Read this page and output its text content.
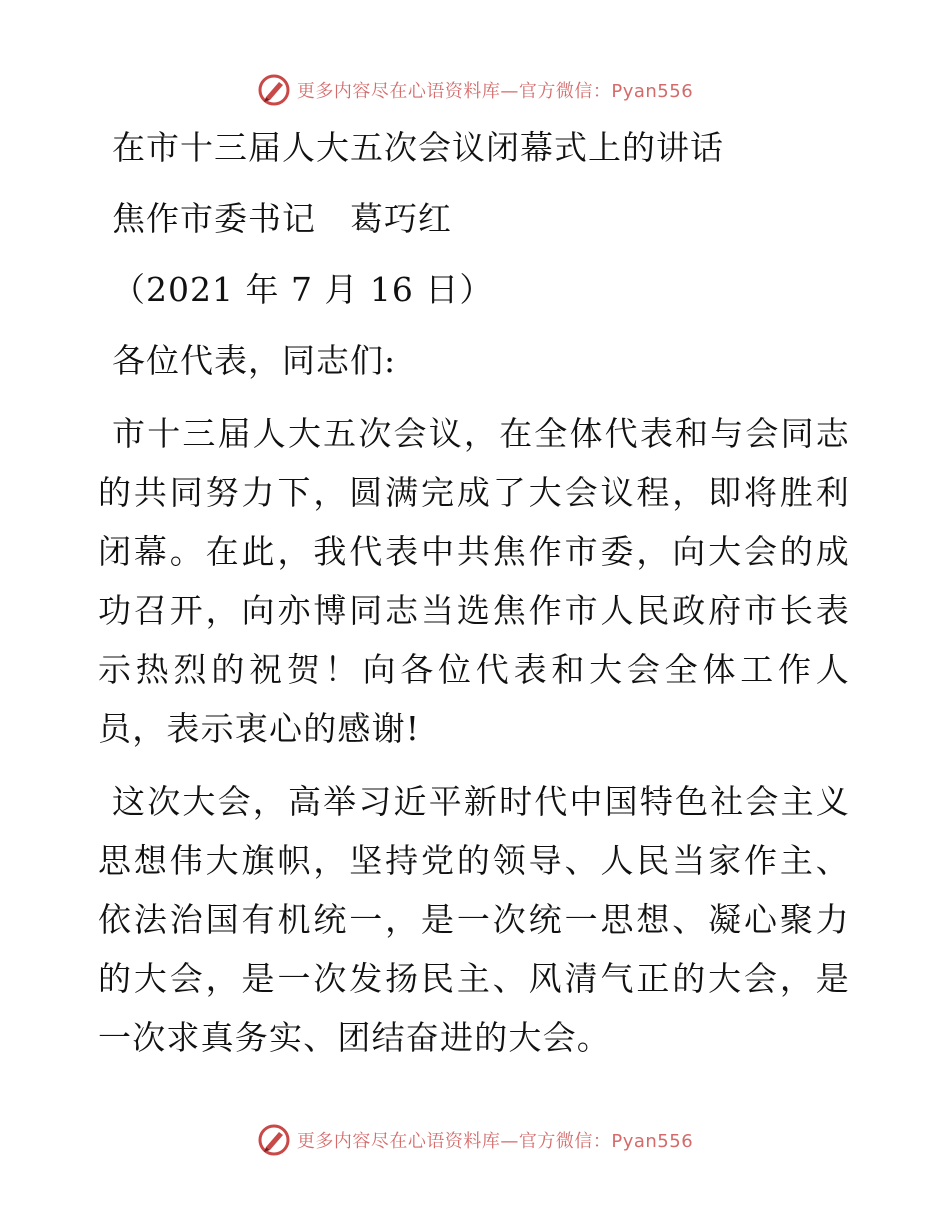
更多内容尽在心语资料库—官方微信：Pyan556
在市十三届人大五次会议闭幕式上的讲话
焦作市委书记　葛巧红
（2021 年 7 月 16 日）
各位代表，同志们:
市十三届人大五次会议，在全体代表和与会同志的共同努力下，圆满完成了大会议程，即将胜利闭幕。在此，我代表中共焦作市委，向大会的成功召开，向亦博同志当选焦作市人民政府市长表示热烈的祝贺！向各位代表和大会全体工作人员，表示衷心的感谢!
这次大会，高举习近平新时代中国特色社会主义思想伟大旗帜，坚持党的领导、人民当家作主、依法治国有机统一，是一次统一思想、凝心聚力的大会，是一次发扬民主、风清气正的大会，是一次求真务实、团结奋进的大会。
更多内容尽在心语资料库—官方微信：Pyan556
